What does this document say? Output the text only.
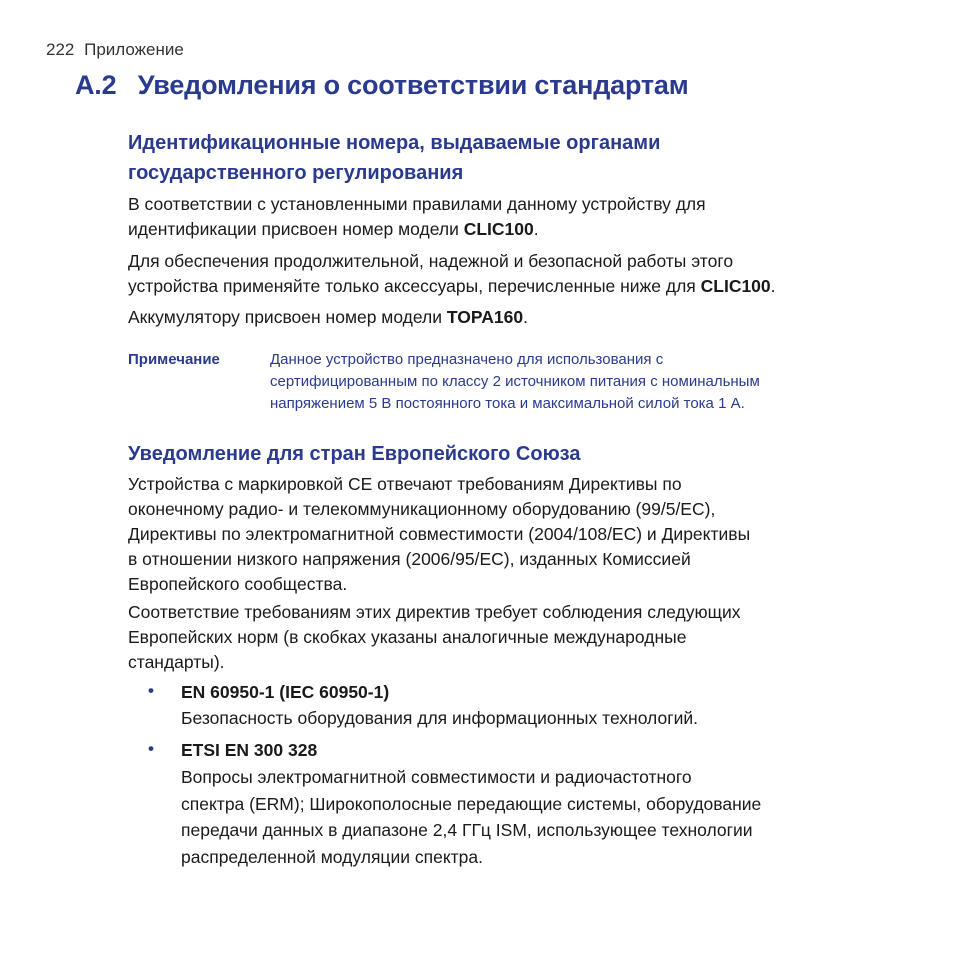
222 Приложение
A.2 Уведомления о соответствии стандартам
Идентификационные номера, выдаваемые органами
государственного регулирования

В соответствии с установленными правилами данному устройству для
идентификации присвоен номер модели CLIC100.

Для обеспечения продолжительной, надежной и безопасной работы этого
устройства применяйте только аксессуары, перечисленные ниже для CLIC100.

Аккумулятору присвоен номер модели TOPA160.

Примечание	Данное устройство предназначено для использования с
сертифицированным по классу 2 источником питания с номинальным
напряжением 5 В постоянного тока и максимальной силой тока 1 А.
Уведомление для стран Европейского Союза

Устройства с маркировкой CE отвечают требованиям Директивы по
оконечному радио- и телекоммуникационному оборудованию (99/5/EC),
Директивы по электромагнитной совместимости (2004/108/EC) и Директивы
в отношении низкого напряжения (2006/95/EC), изданных Комиссией
Европейского сообщества.

Соответствие требованиям этих директив требует соблюдения следующих
Европейских норм (в скобках указаны аналогичные международные
стандарты).

• EN 60950-1 (IEC 60950-1)
Безопасность оборудования для информационных технологий.
• ETSI EN 300 328
Вопросы электромагнитной совместимости и радиочастотного
спектра (ERM); Широкополосные передающие системы, оборудование
передачи данных в диапазоне 2,4 ГГц ISM, использующее технологии
распределенной модуляции спектра.
